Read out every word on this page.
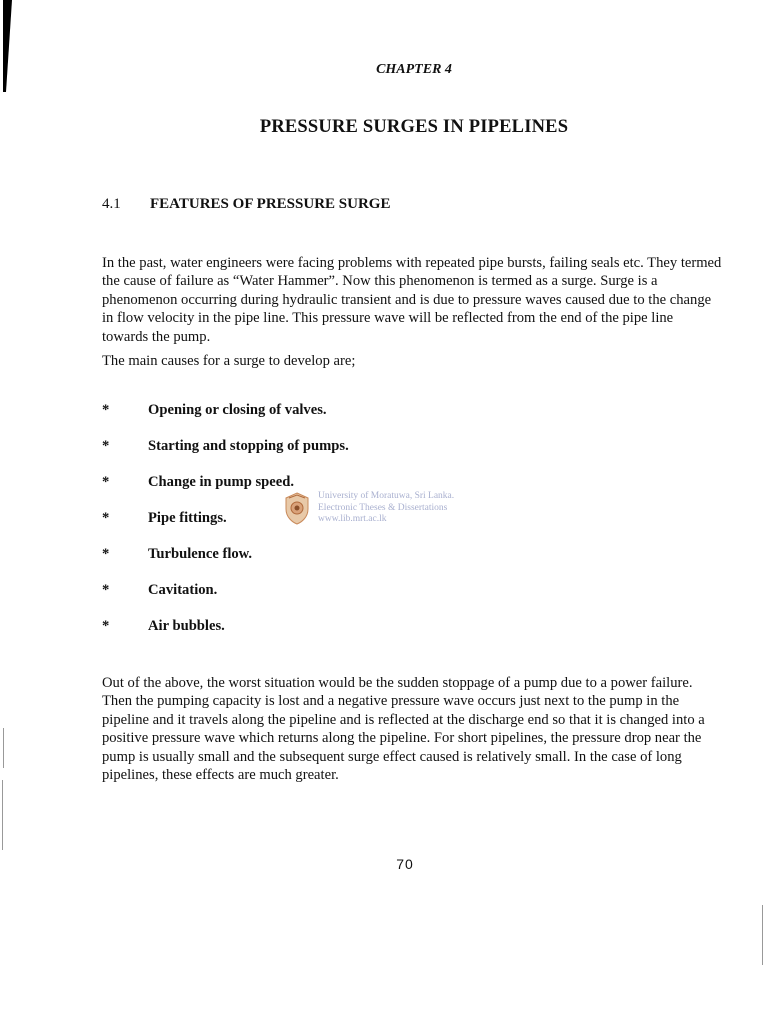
CHAPTER 4
PRESSURE SURGES IN PIPELINES
4.1 FEATURES OF PRESSURE SURGE

In the past, water engineers were facing problems with repeated pipe bursts, failing seals etc. They termed the cause of failure as “Water Hammer”. Now this phenomenon is termed as a surge. Surge is a phenomenon occurring during hydraulic transient and is due to pressure waves caused due to the change in flow velocity in the pipe line. This pressure wave will be reflected from the end of the pipe line towards the pump.

The main causes for a surge to develop are;

*	Opening or closing of valves.
*	Starting and stopping of pumps.
*	Change in pump speed.
*	Pipe fittings.
*	Turbulence flow.
*	Cavitation.
*	Air bubbles.
University of Moratuwa, Sri Lanka.
Electronic Theses & Dissertations
www.lib.mrt.ac.lk

Out of the above, the worst situation would be the sudden stoppage of a pump due to a power failure. Then the pumping capacity is lost and a negative pressure wave occurs just next to the pump in the pipeline and it travels along the pipeline and is reflected at the discharge end so that it is changed into a positive pressure wave which returns along the pipeline. For short pipelines, the pressure drop near the pump is usually small and the subsequent surge effect caused is relatively small. In the case of long pipelines, these effects are much greater.

70
